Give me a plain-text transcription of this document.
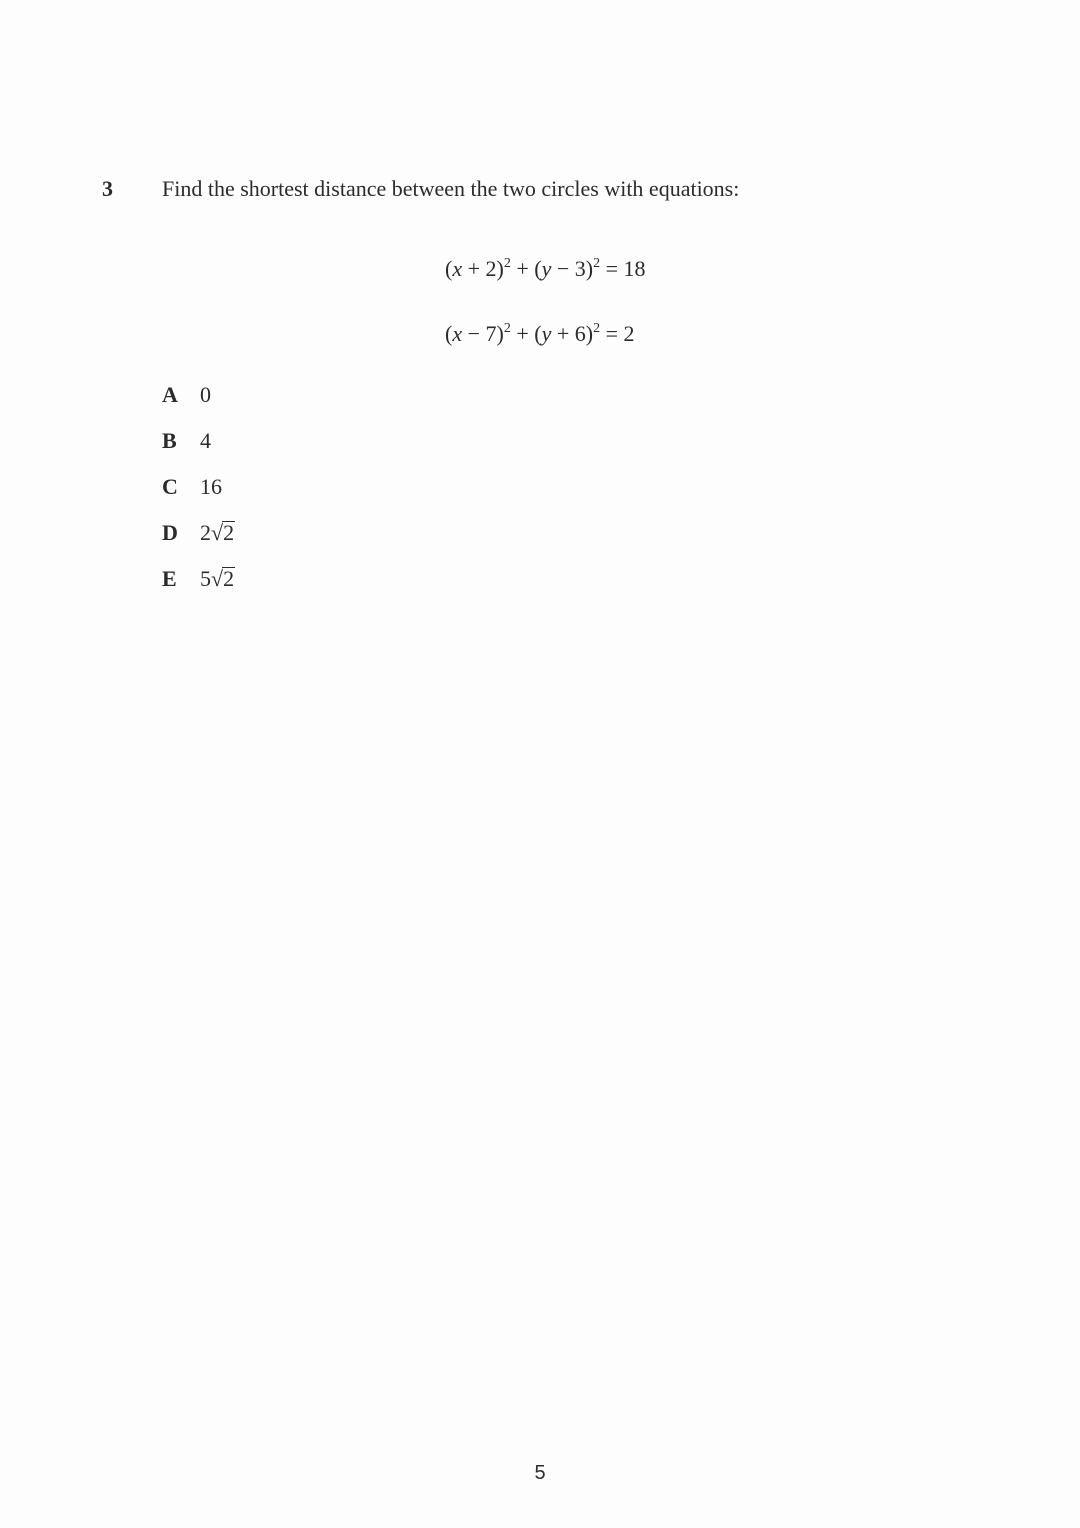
3 Find the shortest distance between the two circles with equations:
$(x + 2)^2 + (y - 3)^2 = 18$
$(x - 7)^2 + (y + 6)^2 = 2$
A 0
B 4
C 16
D 2√2
E 5√2
5
